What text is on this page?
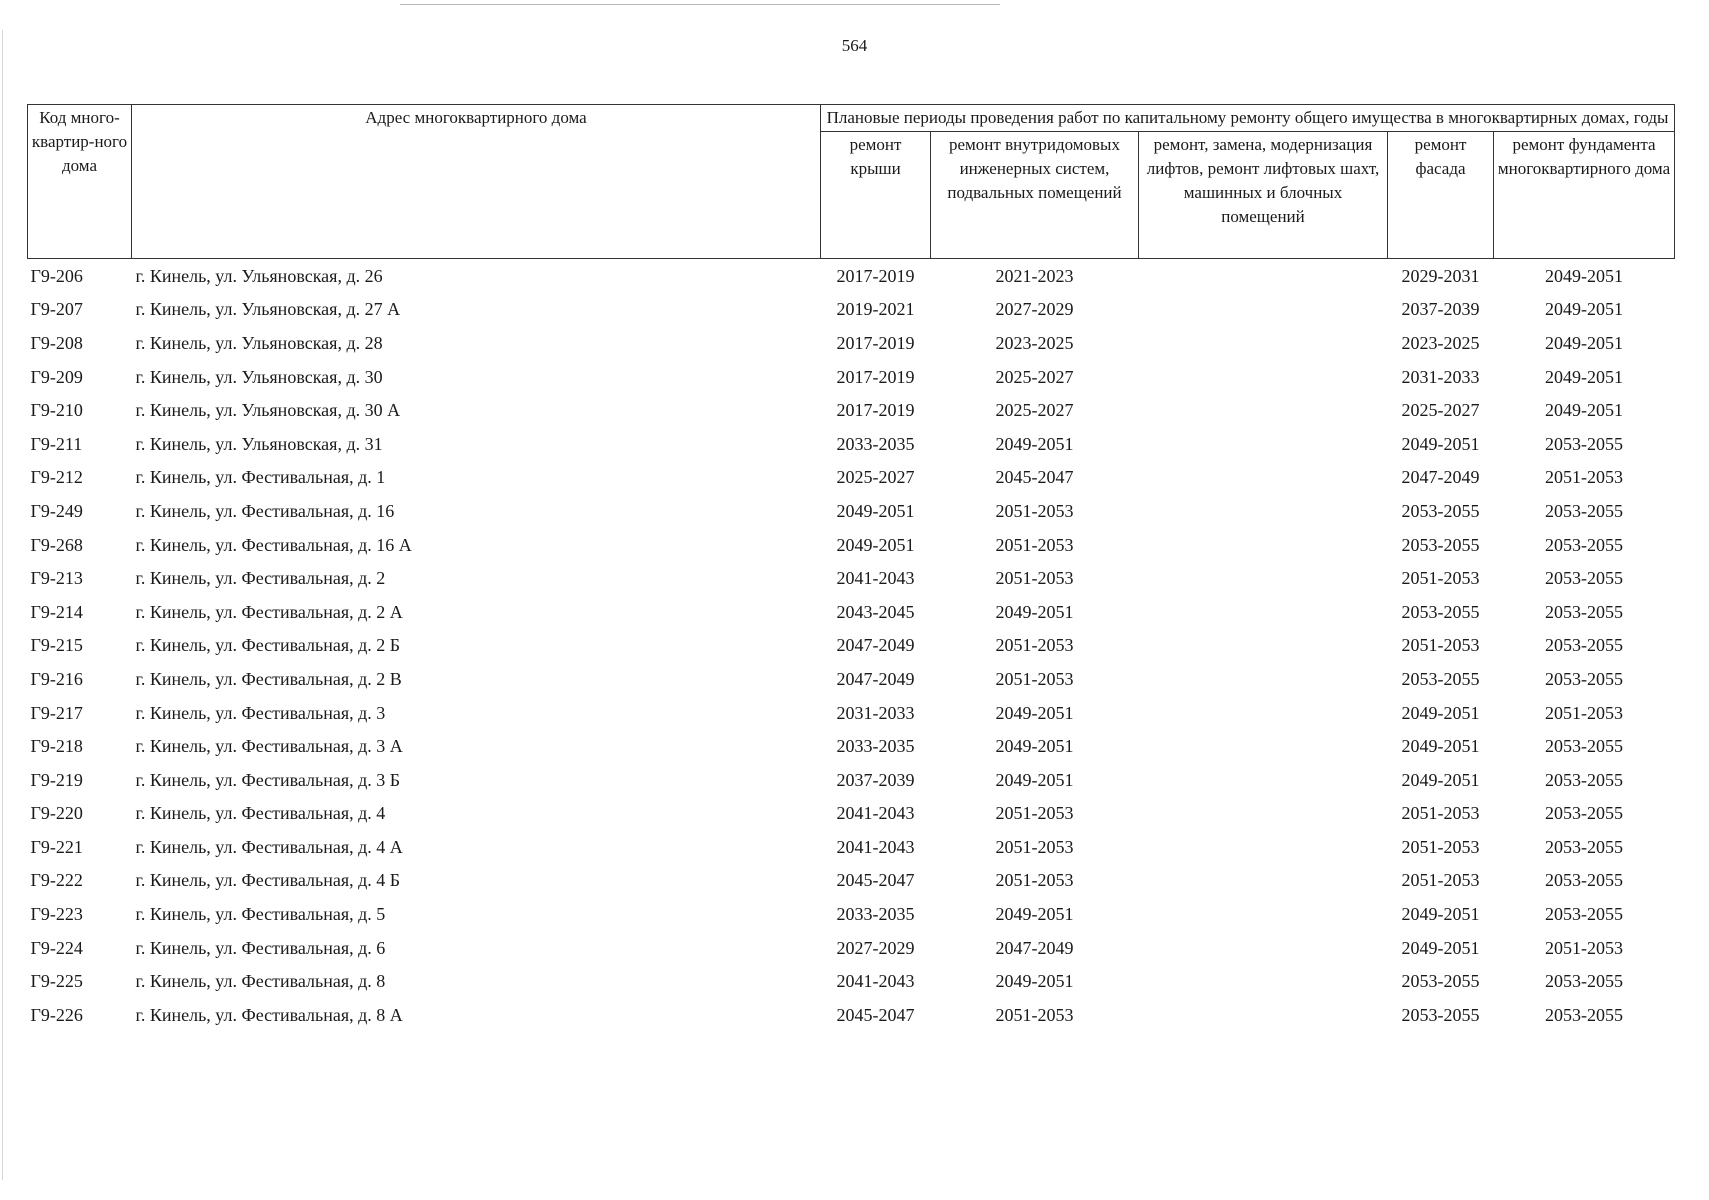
564
Код много-квартир-ного дома	Адрес многоквартирного дома	Плановые периоды проведения работ по капитальному ремонту общего имущества в многоквартирных домах, годы				
		ремонт крыши	ремонт внутридомовых инженерных систем, подвальных помещений	ремонт, замена, модернизация лифтов, ремонт лифтовых шахт, машинных и блочных помещений	ремонт фасада	ремонт фундамента многоквартирного дома
Г9-206	г. Кинель, ул. Ульяновская, д. 26	2017-2019	2021-2023		2029-2031	2049-2051
Г9-207	г. Кинель, ул. Ульяновская, д. 27 А	2019-2021	2027-2029		2037-2039	2049-2051
Г9-208	г. Кинель, ул. Ульяновская, д. 28	2017-2019	2023-2025		2023-2025	2049-2051
Г9-209	г. Кинель, ул. Ульяновская, д. 30	2017-2019	2025-2027		2031-2033	2049-2051
Г9-210	г. Кинель, ул. Ульяновская, д. 30 А	2017-2019	2025-2027		2025-2027	2049-2051
Г9-211	г. Кинель, ул. Ульяновская, д. 31	2033-2035	2049-2051		2049-2051	2053-2055
Г9-212	г. Кинель, ул. Фестивальная, д. 1	2025-2027	2045-2047		2047-2049	2051-2053
Г9-249	г. Кинель, ул. Фестивальная, д. 16	2049-2051	2051-2053		2053-2055	2053-2055
Г9-268	г. Кинель, ул. Фестивальная, д. 16 А	2049-2051	2051-2053		2053-2055	2053-2055
Г9-213	г. Кинель, ул. Фестивальная, д. 2	2041-2043	2051-2053		2051-2053	2053-2055
Г9-214	г. Кинель, ул. Фестивальная, д. 2 А	2043-2045	2049-2051		2053-2055	2053-2055
Г9-215	г. Кинель, ул. Фестивальная, д. 2 Б	2047-2049	2051-2053		2051-2053	2053-2055
Г9-216	г. Кинель, ул. Фестивальная, д. 2 В	2047-2049	2051-2053		2053-2055	2053-2055
Г9-217	г. Кинель, ул. Фестивальная, д. 3	2031-2033	2049-2051		2049-2051	2051-2053
Г9-218	г. Кинель, ул. Фестивальная, д. 3 А	2033-2035	2049-2051		2049-2051	2053-2055
Г9-219	г. Кинель, ул. Фестивальная, д. 3 Б	2037-2039	2049-2051		2049-2051	2053-2055
Г9-220	г. Кинель, ул. Фестивальная, д. 4	2041-2043	2051-2053		2051-2053	2053-2055
Г9-221	г. Кинель, ул. Фестивальная, д. 4 А	2041-2043	2051-2053		2051-2053	2053-2055
Г9-222	г. Кинель, ул. Фестивальная, д. 4 Б	2045-2047	2051-2053		2051-2053	2053-2055
Г9-223	г. Кинель, ул. Фестивальная, д. 5	2033-2035	2049-2051		2049-2051	2053-2055
Г9-224	г. Кинель, ул. Фестивальная, д. 6	2027-2029	2047-2049		2049-2051	2051-2053
Г9-225	г. Кинель, ул. Фестивальная, д. 8	2041-2043	2049-2051		2053-2055	2053-2055
Г9-226	г. Кинель, ул. Фестивальная, д. 8 А	2045-2047	2051-2053		2053-2055	2053-2055
